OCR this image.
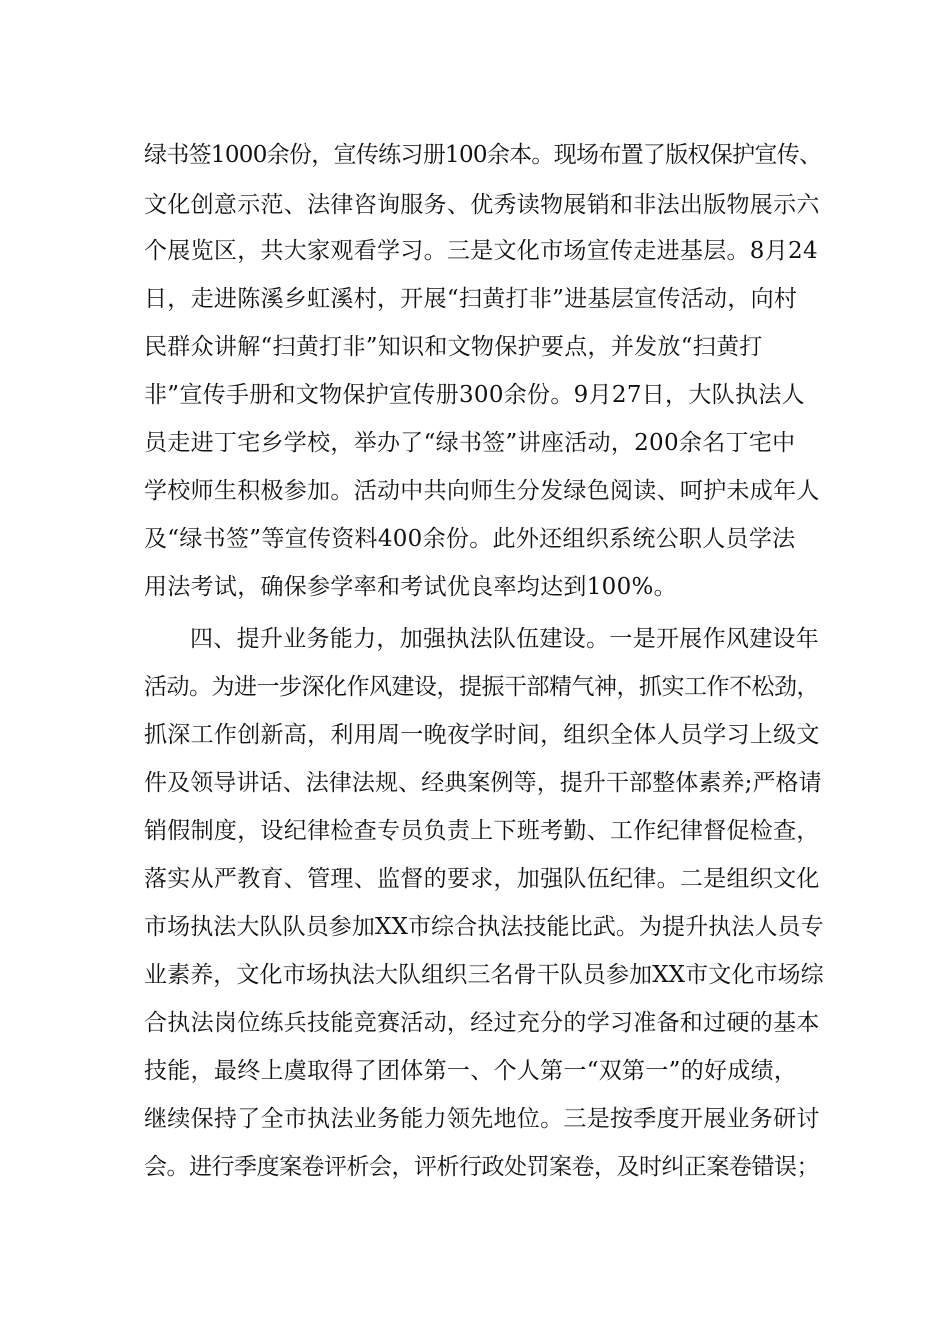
绿书签1000余份，宣传练习册100余本。现场布置了版权保护宣传、
文化创意示范、法律咨询服务、优秀读物展销和非法出版物展示六
个展览区，共大家观看学习。三是文化市场宣传走进基层。8月24
日，走进陈溪乡虹溪村，开展“扫黄打非”进基层宣传活动，向村
民群众讲解“扫黄打非”知识和文物保护要点，并发放“扫黄打
非”宣传手册和文物保护宣传册300余份。9月27日，大队执法人
员走进丁宅乡学校，举办了“绿书签”讲座活动，200余名丁宅中
学校师生积极参加。活动中共向师生分发绿色阅读、呵护未成年人
及“绿书签”等宣传资料400余份。此外还组织系统公职人员学法
用法考试，确保参学率和考试优良率均达到100%。
四、提升业务能力，加强执法队伍建设。一是开展作风建设年
活动。为进一步深化作风建设，提振干部精气神，抓实工作不松劲，
抓深工作创新高，利用周一晚夜学时间，组织全体人员学习上级文
件及领导讲话、法律法规、经典案例等，提升干部整体素养;严格请
销假制度，设纪律检查专员负责上下班考勤、工作纪律督促检查，
落实从严教育、管理、监督的要求，加强队伍纪律。二是组织文化
市场执法大队队员参加XX市综合执法技能比武。为提升执法人员专
业素养，文化市场执法大队组织三名骨干队员参加XX市文化市场综
合执法岗位练兵技能竞赛活动，经过充分的学习准备和过硬的基本
技能，最终上虞取得了团体第一、个人第一“双第一”的好成绩，
继续保持了全市执法业务能力领先地位。三是按季度开展业务研讨
会。进行季度案卷评析会，评析行政处罚案卷，及时纠正案卷错误；
